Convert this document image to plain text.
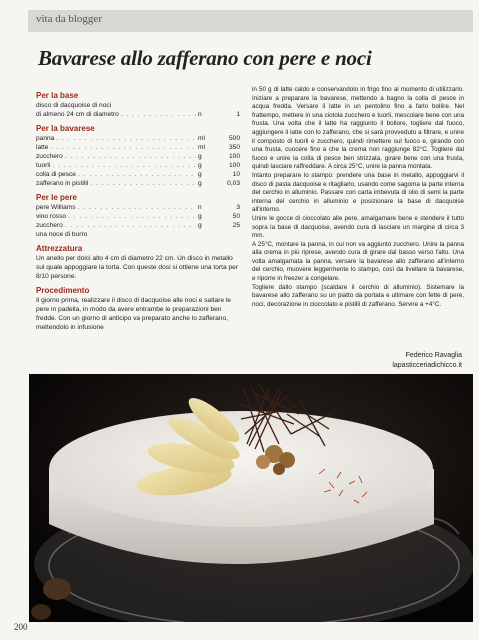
vita da blogger
Bavarese allo zafferano con pere e noci
Per la base
disco di dacquoise di noci
di almeno 24 cm di diametro . . .	n	1
Per la bavarese
panna . . .	ml	500
latte . . .	ml	350
zucchero . . .	g	100
tuorli . . .	g	100
colla di pesce . . .	g	10
zafferano in pistilli . . .	g	0,03
Per le pere
pere Williams . . .	n	3
vino rosso . . .	g	50
zucchero . . .	g	25
una noce di burro
Attrezzatura

Un anello per dolci alto 4 cm di diametro 22 cm. Un disco in metallo sul quale appoggiare la torta. Con queste dosi si ottiene una torta per 8/10 persone.

Procedimento

Il giorno prima, realizzare il disco di dacquoise alle noci e saltare le pere in padella, in modo da avere entrambe le preparazioni ben fredde. Con un giorno di anticipo va preparato anche lo zafferano, mettendolo in infusione

in 50 g di latte caldo e conservandolo in frigo fino al momento di utilizzarlo. Iniziare a preparare la bavarese, mettendo a bagno la colla di pesce in acqua fredda. Versare il latte in un pentolino fino a farlo bollire. Nel frattempo, mettere in una ciotola zucchero e tuorli, mescolare bene con una frusta. Una volta che il latte ha raggiunto il bollore, togliere dal fuoco, aggiungere il latte con lo zafferano, che si sarà provveduto a filtrare, e unire il composto di tuorli e zucchero, quindi rimettere sul fuoco e, girando con una frusta, cuocere fino a che la crema non raggiunge 82°C. Togliere dal fuoco e unire la colla di pesce ben strizzata, girare bene con una frusta, quindi lasciare raffreddare. A circa 25°C, unire la panna montata.

Intanto preparare lo stampo: prendere una base in metallo, appoggiarvi il disco di pasta dacquoise e ritagliarlo, usando come sagoma la parte interna del cerchio in alluminio. Passare con carta imbevuta di olio di semi la parte interna del cerchio in alluminio e posizionare la base di dacquoise all'interno.

Unire le gocce di cioccolato alle pere, amalgamare bene e stendere il tutto sopra la base di dacquoise, avendo cura di lasciare un margine di circa 3 mm.

A 25°C, montare la panna, in cui non va aggiunto zucchero. Unire la panna alla crema in più riprese, avendo cura di girare dal basso verso l'alto. Una volta amalgamata la panna, versare la bavarese allo zafferano all'interno del cerchio, muovere leggermente lo stampo, così da livellare la bavarese, e riporre in freezer a congelare.

Togliere dallo stampo (scaldare il cerchio di alluminio). Sistemare la bavarese allo zafferano su un piatto da portata e ultimare con fette di pere, noci, decorazione in cioccolato e pistilli di zafferano. Servire a +4°C.

Federico Ravaglia
lapasticceriadichicco.it
200
